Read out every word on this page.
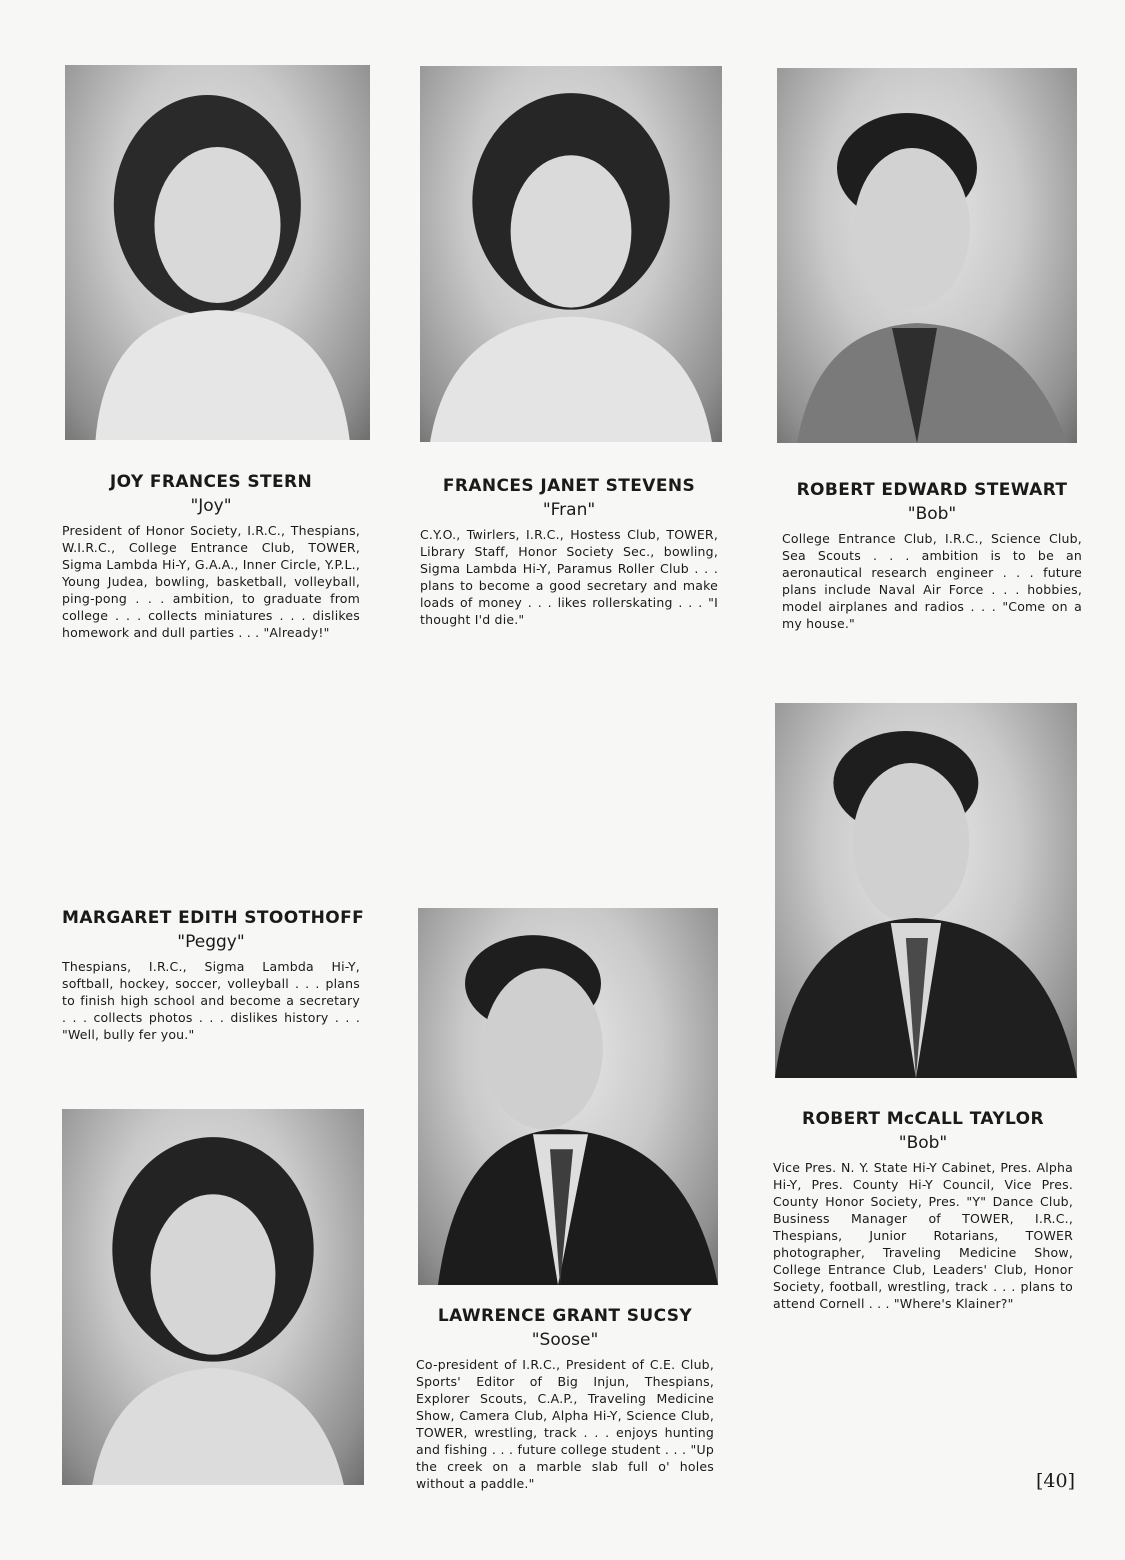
JOY FRANCES STERN

"Joy"

President of Honor Society, I.R.C., Thespians, W.I.R.C., College Entrance Club, TOWER, Sigma Lambda Hi-Y, G.A.A., Inner Circle, Y.P.L., Young Judea, bowling, basketball, volleyball, ping-pong . . . ambition, to graduate from college . . . collects miniatures . . . dislikes homework and dull parties . . . "Already!"

FRANCES JANET STEVENS

"Fran"

C.Y.O., Twirlers, I.R.C., Hostess Club, TOWER, Library Staff, Honor Society Sec., bowling, Sigma Lambda Hi-Y, Paramus Roller Club . . . plans to become a good secretary and make loads of money . . . likes rollerskating . . . "I thought I'd die."

ROBERT EDWARD STEWART

"Bob"

College Entrance Club, I.R.C., Science Club, Sea Scouts . . . ambition is to be an aeronautical research engineer . . . future plans include Naval Air Force . . . hobbies, model airplanes and radios . . . "Come on a my house."

MARGARET EDITH STOOTHOFF

"Peggy"

Thespians, I.R.C., Sigma Lambda Hi-Y, softball, hockey, soccer, volleyball . . . plans to finish high school and become a secretary . . . collects photos . . . dislikes history . . . "Well, bully fer you."

LAWRENCE GRANT SUCSY

"Soose"

Co-president of I.R.C., President of C.E. Club, Sports' Editor of Big Injun, Thespians, Explorer Scouts, C.A.P., Traveling Medicine Show, Camera Club, Alpha Hi-Y, Science Club, TOWER, wrestling, track . . . enjoys hunting and fishing . . . future college student . . . "Up the creek on a marble slab full o' holes without a paddle."

ROBERT McCALL TAYLOR

"Bob"

Vice Pres. N. Y. State Hi-Y Cabinet, Pres. Alpha Hi-Y, Pres. County Hi-Y Council, Vice Pres. County Honor Society, Pres. "Y" Dance Club, Business Manager of TOWER, I.R.C., Thespians, Junior Rotarians, TOWER photographer, Traveling Medicine Show, College Entrance Club, Leaders' Club, Honor Society, football, wrestling, track . . . plans to attend Cornell . . . "Where's Klainer?"

[40]
